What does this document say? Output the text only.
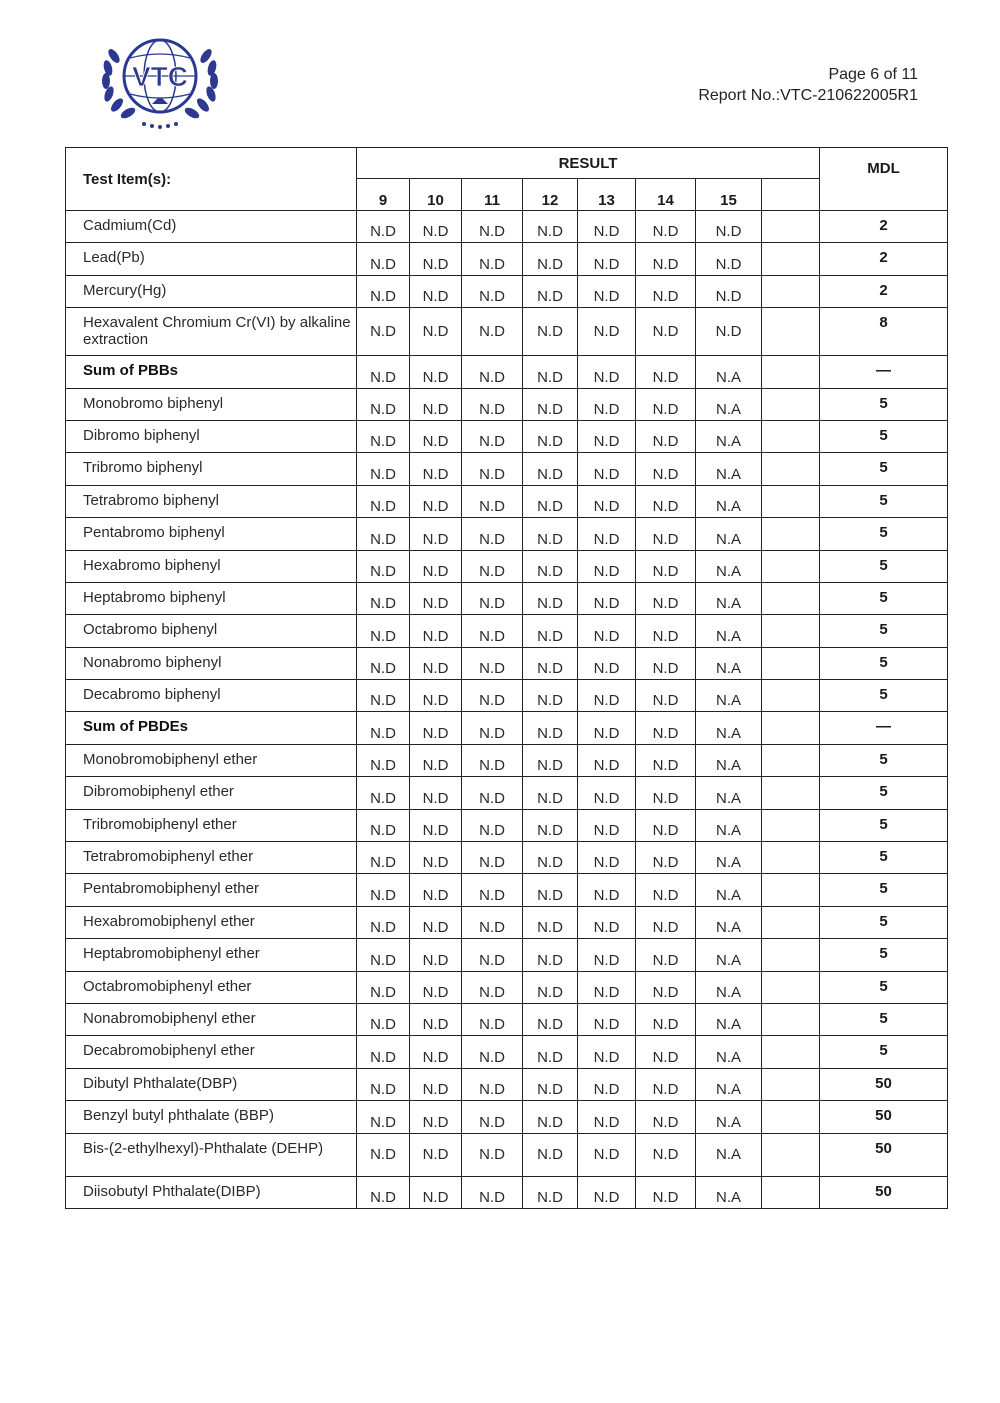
VTC	Page 6 of 11
Report No.:VTC-210622005R1
Test Item(s):	RESULT								MDL
	9	10	11	12	13	14	15		
Cadmium(Cd)	N.D	N.D	N.D	N.D	N.D	N.D	N.D		2
Lead(Pb)	N.D	N.D	N.D	N.D	N.D	N.D	N.D		2
Mercury(Hg)	N.D	N.D	N.D	N.D	N.D	N.D	N.D		2
Hexavalent Chromium Cr(VI) by alkaline extraction	N.D	N.D	N.D	N.D	N.D	N.D	N.D		8
Sum of PBBs	N.D	N.D	N.D	N.D	N.D	N.D	N.A		—
Monobromo biphenyl	N.D	N.D	N.D	N.D	N.D	N.D	N.A		5
Dibromo biphenyl	N.D	N.D	N.D	N.D	N.D	N.D	N.A		5
Tribromo biphenyl	N.D	N.D	N.D	N.D	N.D	N.D	N.A		5
Tetrabromo biphenyl	N.D	N.D	N.D	N.D	N.D	N.D	N.A		5
Pentabromo biphenyl	N.D	N.D	N.D	N.D	N.D	N.D	N.A		5
Hexabromo biphenyl	N.D	N.D	N.D	N.D	N.D	N.D	N.A		5
Heptabromo biphenyl	N.D	N.D	N.D	N.D	N.D	N.D	N.A		5
Octabromo biphenyl	N.D	N.D	N.D	N.D	N.D	N.D	N.A		5
Nonabromo biphenyl	N.D	N.D	N.D	N.D	N.D	N.D	N.A		5
Decabromo biphenyl	N.D	N.D	N.D	N.D	N.D	N.D	N.A		5
Sum of PBDEs	N.D	N.D	N.D	N.D	N.D	N.D	N.A		—
Monobromobiphenyl ether	N.D	N.D	N.D	N.D	N.D	N.D	N.A		5
Dibromobiphenyl ether	N.D	N.D	N.D	N.D	N.D	N.D	N.A		5
Tribromobiphenyl ether	N.D	N.D	N.D	N.D	N.D	N.D	N.A		5
Tetrabromobiphenyl ether	N.D	N.D	N.D	N.D	N.D	N.D	N.A		5
Pentabromobiphenyl ether	N.D	N.D	N.D	N.D	N.D	N.D	N.A		5
Hexabromobiphenyl ether	N.D	N.D	N.D	N.D	N.D	N.D	N.A		5
Heptabromobiphenyl ether	N.D	N.D	N.D	N.D	N.D	N.D	N.A		5
Octabromobiphenyl ether	N.D	N.D	N.D	N.D	N.D	N.D	N.A		5
Nonabromobiphenyl ether	N.D	N.D	N.D	N.D	N.D	N.D	N.A		5
Decabromobiphenyl ether	N.D	N.D	N.D	N.D	N.D	N.D	N.A		5
Dibutyl Phthalate(DBP)	N.D	N.D	N.D	N.D	N.D	N.D	N.A		50
Benzyl butyl phthalate (BBP)	N.D	N.D	N.D	N.D	N.D	N.D	N.A		50
Bis-(2-ethylhexyl)-Phthalate (DEHP)	N.D	N.D	N.D	N.D	N.D	N.D	N.A		50
Diisobutyl Phthalate(DIBP)	N.D	N.D	N.D	N.D	N.D	N.D	N.A		50
